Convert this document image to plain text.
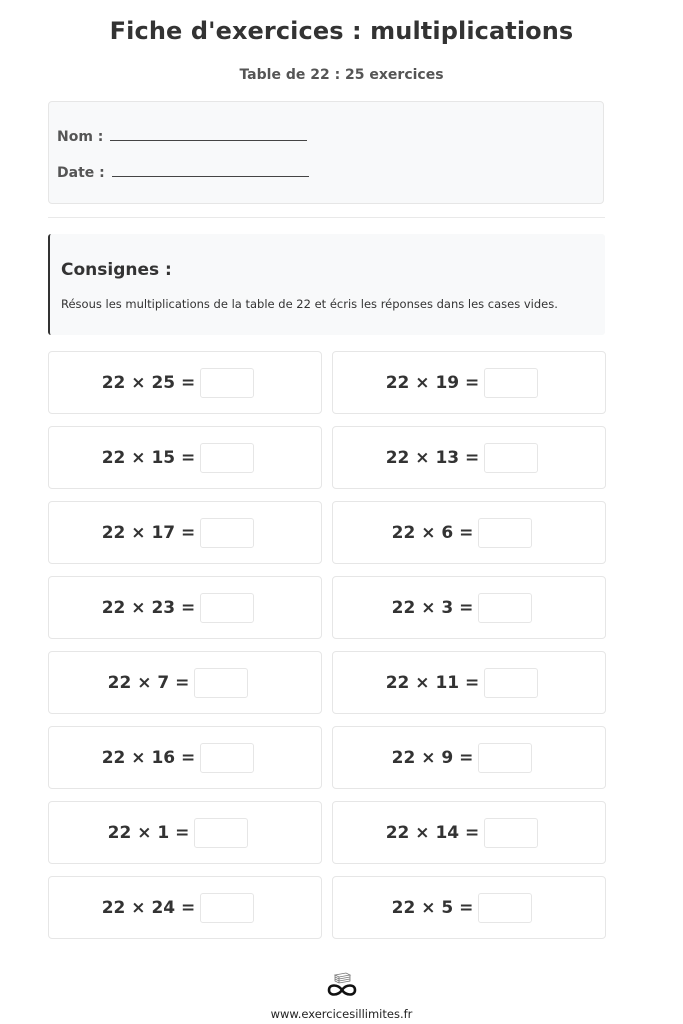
Fiche d'exercices : multiplications
Table de 22 : 25 exercices
Nom :
Date :
Consignes :
Résous les multiplications de la table de 22 et écris les réponses dans les cases vides.
22 × 25 =	22 × 19 =
22 × 15 =	22 × 13 =
22 × 17 =	22 × 6 =
22 × 23 =	22 × 3 =
22 × 7 =	22 × 11 =
22 × 16 =	22 × 9 =
22 × 1 =	22 × 14 =
22 × 24 =	22 × 5 =
www.exercicesillimites.fr
